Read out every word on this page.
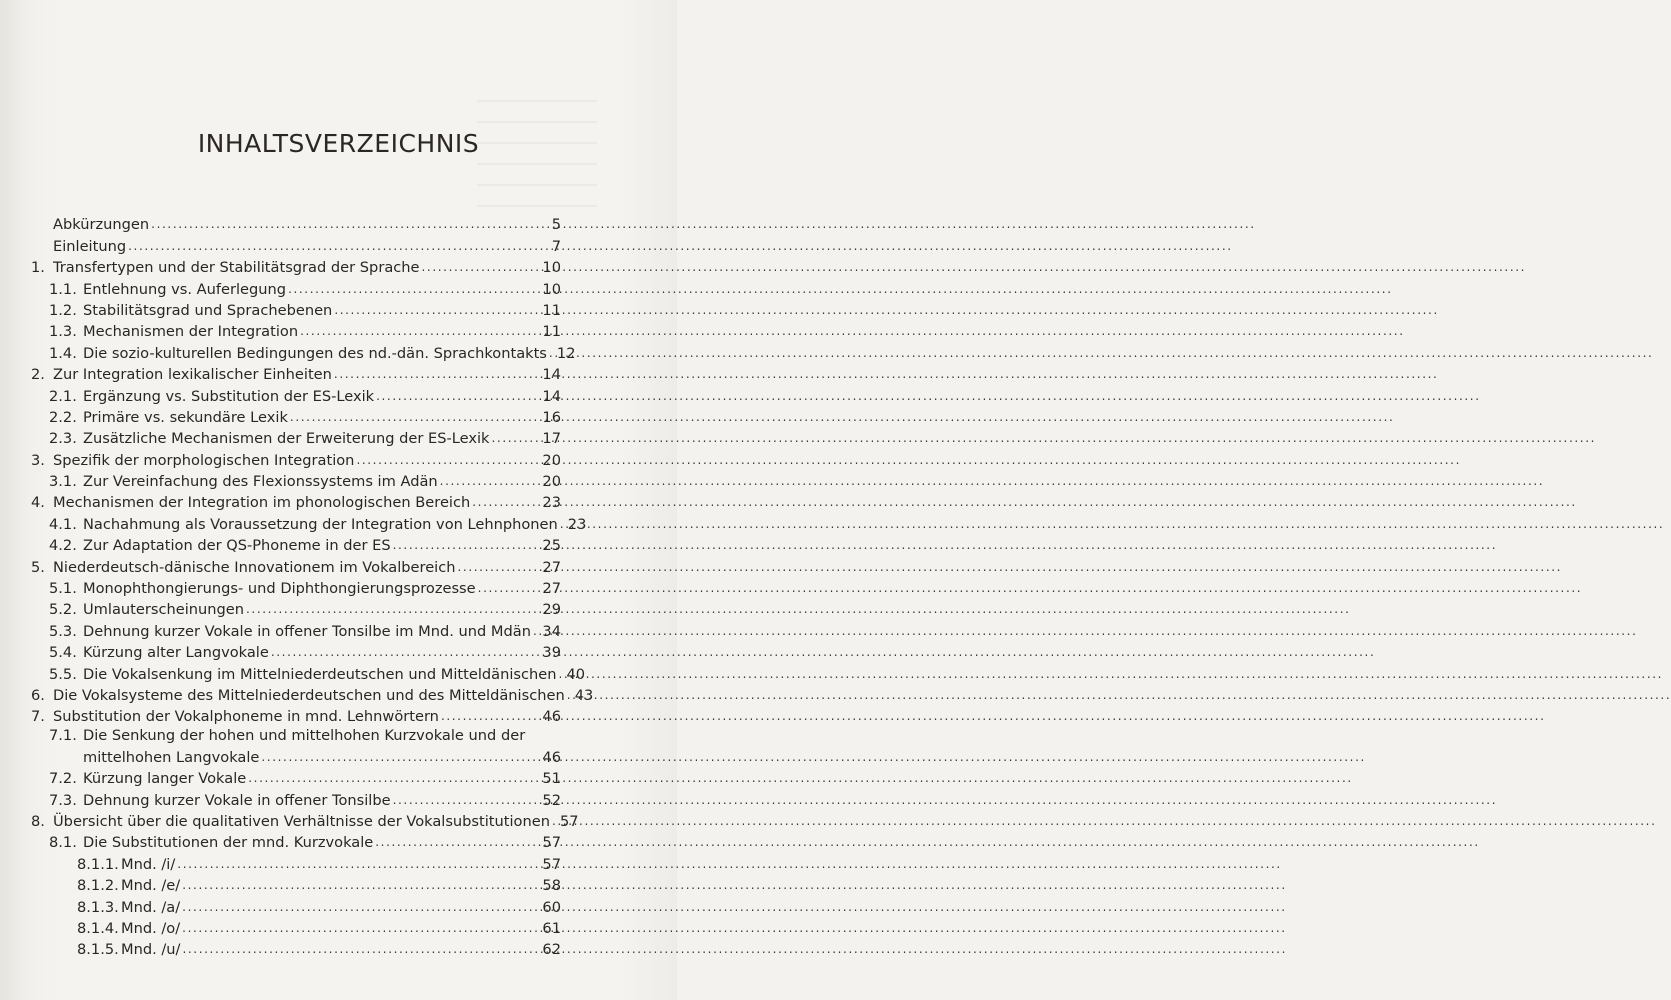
INHALTSVERZEICHNIS
Abkürzungen .....	5
Einleitung .....	7
1. Transfertypen und der Stabilitätsgrad der Sprache .....	10
1.1. Entlehnung vs. Auferlegung .....	10
1.2. Stabilitätsgrad und Sprachebenen .....	11
1.3. Mechanismen der Integration .....	11
1.4. Die sozio-kulturellen Bedingungen des nd.-dän. Sprachkontakts ..... 12
2. Zur Integration lexikalischer Einheiten .....	14
2.1. Ergänzung vs. Substitution der ES-Lexik .....	14
2.2. Primäre vs. sekundäre Lexik .....	16
2.3. Zusätzliche Mechanismen der Erweiterung der ES-Lexik .....	17
3. Spezifik der morphologischen Integration .....	20
3.1. Zur Vereinfachung des Flexionssystems im Adän .....	20
4. Mechanismen der Integration im phonologischen Bereich .....	23
4.1. Nachahmung als Voraussetzung der Integration von Lehnphonen ..... 23
4.2. Zur Adaptation der QS-Phoneme in der ES .....	25
5. Niederdeutsch-dänische Innovationem im Vokalbereich .....	27
5.1. Monophthongierungs- und Diphthongierungsprozesse .....	27
5.2. Umlauterscheinungen .....	29
5.3. Dehnung kurzer Vokale in offener Tonsilbe im Mnd. und Mdän ..... 34
5.4. Kürzung alter Langvokale .....	39
5.5. Die Vokalsenkung im Mittelniederdeutschen und Mitteldänischen ..... 40
6. Die Vokalsysteme des Mittelniederdeutschen und des Mitteldänischen ..... 43
7. Substitution der Vokalphoneme in mnd. Lehnwörtern .....	46
7.1. Die Senkung der hohen und mittelhohen Kurzvokale und der
mittelhohen Langvokale .....	46
7.2. Kürzung langer Vokale .....	51
7.3. Dehnung kurzer Vokale in offener Tonsilbe .....	52
8. Übersicht über die qualitativen Verhältnisse der Vokalsubstitutionen ..... 57
8.1. Die Substitutionen der mnd. Kurzvokale .....	57
8.1.1. Mnd. /i/ .....	57
8.1.2. Mnd. /e/ .....	58
8.1.3. Mnd. /a/ .....	60
8.1.4. Mnd. /o/ .....	61
8.1.5. Mnd. /u/ .....	62
